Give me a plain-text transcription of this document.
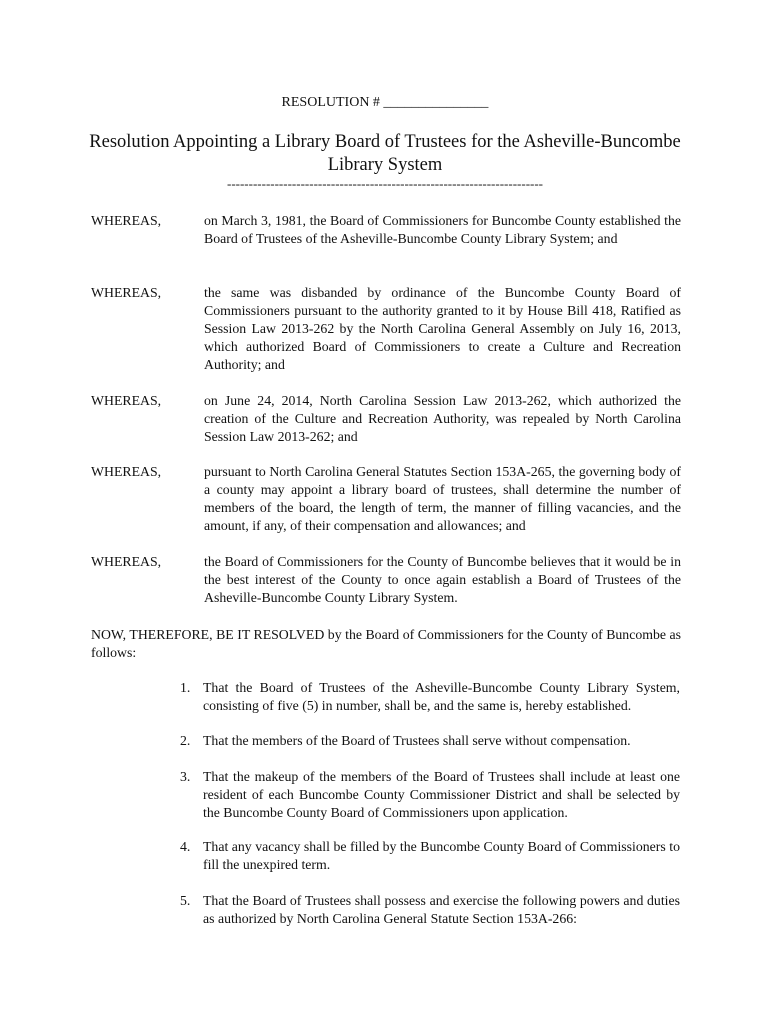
RESOLUTION # _______________
Resolution Appointing a Library Board of Trustees for the Asheville-Buncombe Library System
-------------------------------------------------------------------------
WHEREAS,	on March 3, 1981, the Board of Commissioners for Buncombe County established the Board of Trustees of the Asheville-Buncombe County Library System; and
WHEREAS,	the same was disbanded by ordinance of the Buncombe County Board of Commissioners pursuant to the authority granted to it by House Bill 418, Ratified as Session Law 2013-262 by the North Carolina General Assembly on July 16, 2013, which authorized Board of Commissioners to create a Culture and Recreation Authority; and
WHEREAS,	on June 24, 2014, North Carolina Session Law 2013-262, which authorized the creation of the Culture and Recreation Authority, was repealed by North Carolina Session Law 2013-262; and
WHEREAS,	pursuant to North Carolina General Statutes Section 153A-265, the governing body of a county may appoint a library board of trustees, shall determine the number of members of the board, the length of term, the manner of filling vacancies, and the amount, if any, of their compensation and allowances; and
WHEREAS,	the Board of Commissioners for the County of Buncombe believes that it would be in the best interest of the County to once again establish a Board of Trustees of the Asheville-Buncombe County Library System.
NOW, THEREFORE, BE IT RESOLVED by the Board of Commissioners for the County of Buncombe as follows:
1. That the Board of Trustees of the Asheville-Buncombe County Library System, consisting of five (5) in number, shall be, and the same is, hereby established.
2. That the members of the Board of Trustees shall serve without compensation.
3. That the makeup of the members of the Board of Trustees shall include at least one resident of each Buncombe County Commissioner District and shall be selected by the Buncombe County Board of Commissioners upon application.
4. That any vacancy shall be filled by the Buncombe County Board of Commissioners to fill the unexpired term.
5. That the Board of Trustees shall possess and exercise the following powers and duties as authorized by North Carolina General Statute Section 153A-266:
